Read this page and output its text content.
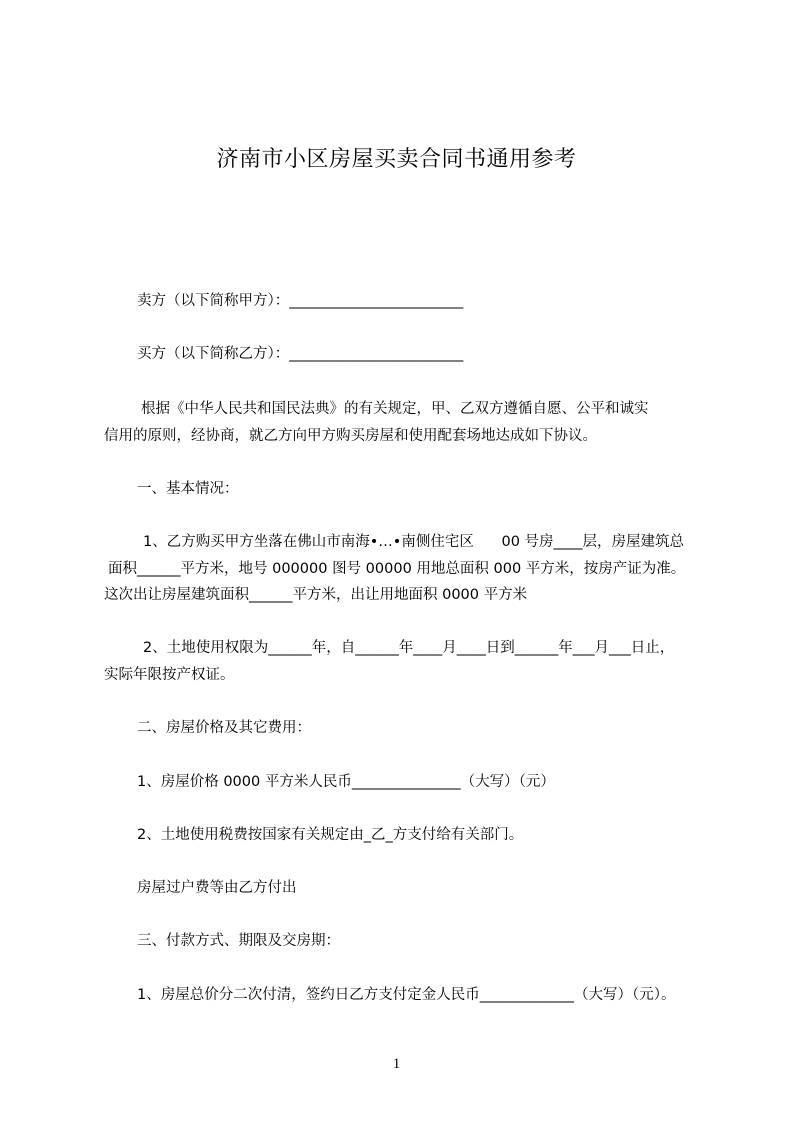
济南市小区房屋买卖合同书通用参考
卖方（以下简称甲方）：________________________
买方（以下简称乙方）：________________________
根据《中华人民共和国民法典》的有关规定，甲、乙双方遵循自愿、公平和诚实
信用的原则，经协商，就乙方向甲方购买房屋和使用配套场地达成如下协议。
一、基本情况：
1、乙方购买甲方坐落在佛山市南海•…•南侧住宅区      00 号房____层，房屋建筑总
面积______平方米，地号 000000 图号 00000 用地总面积 000 平方米，按房产证为准。
这次出让房屋建筑面积______平方米，出让用地面积 0000 平方米
2、土地使用权限为______年，自______年____月____日到______年___月___日止，
实际年限按产权证。
二、房屋价格及其它费用：
1、房屋价格 0000 平方米人民币_______________（大写）（元）
2、土地使用税费按国家有关规定由_乙_方支付给有关部门。
房屋过户费等由乙方付出
三、付款方式、期限及交房期：
1、房屋总价分二次付清，签约日乙方支付定金人民币_____________（大写）（元）。
1
